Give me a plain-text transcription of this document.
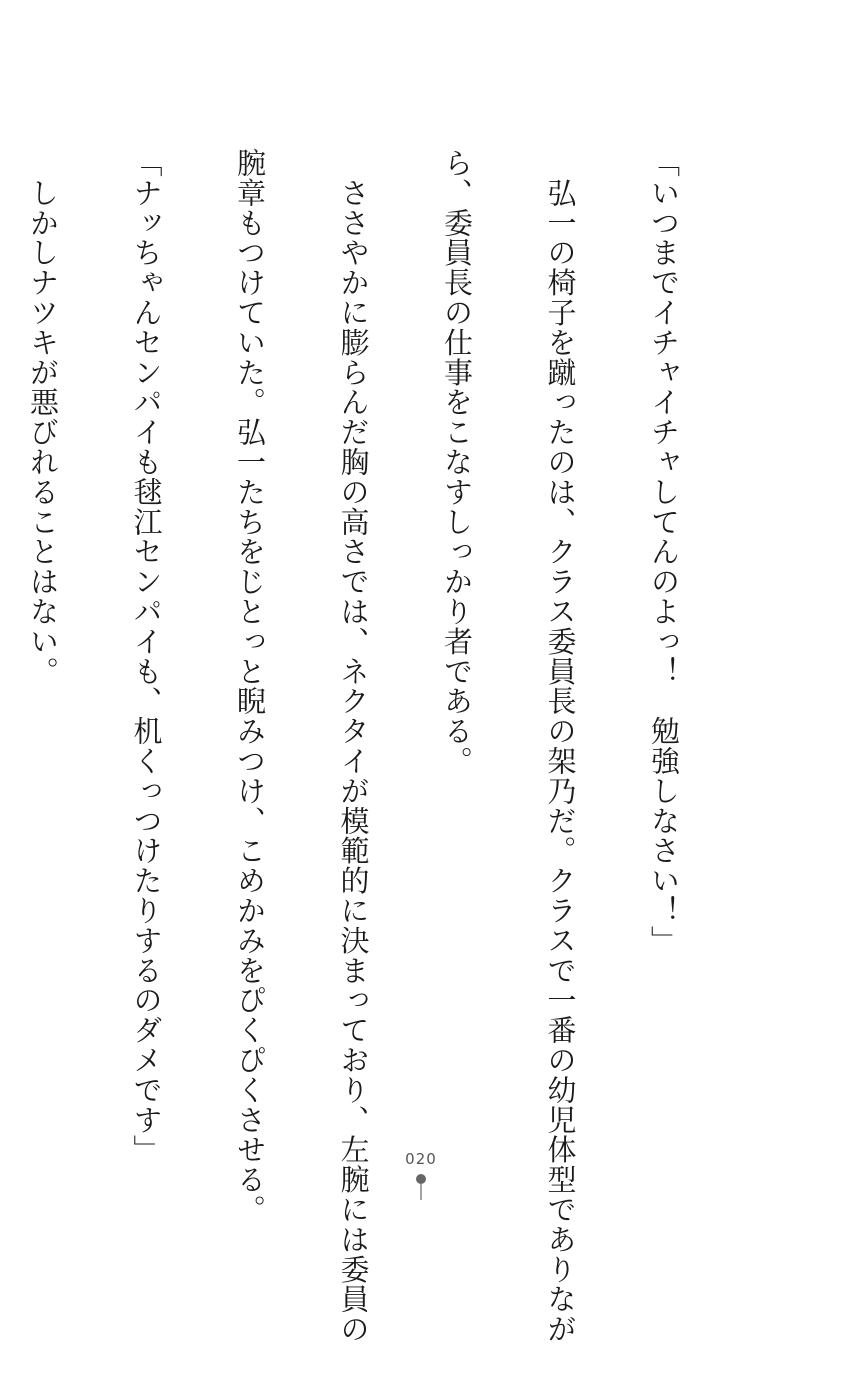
「いつまでイチャイチャしてんのよっ！　勉強しなさい！」

　弘一の椅子を蹴ったのは、クラス委員長の架乃だ。クラスで一番の幼児体型でありなが

ら、委員長の仕事をこなすしっかり者である。

　ささやかに膨らんだ胸の高さでは、ネクタイが模範的に決まっており、左腕には委員の

腕章もつけていた。弘一たちをじとっと睨みつけ、こめかみをぴくぴくさせる。

「ナッちゃんセンパイも毬江センパイも、机くっつけたりするのダメです」

　しかしナツキが悪びれることはない。

020
